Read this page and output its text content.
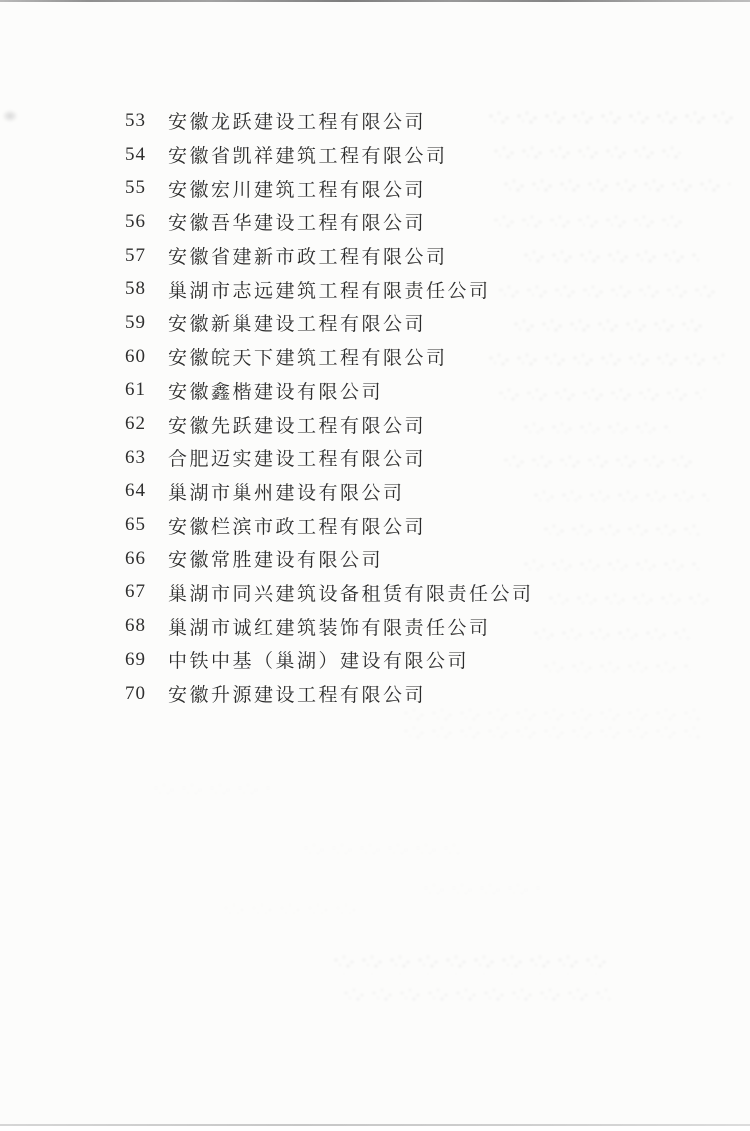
53	安徽龙跃建设工程有限公司
54	安徽省凯祥建筑工程有限公司
55	安徽宏川建筑工程有限公司
56	安徽吾华建设工程有限公司
57	安徽省建新市政工程有限公司
58	巢湖市志远建筑工程有限责任公司
59	安徽新巢建设工程有限公司
60	安徽皖天下建筑工程有限公司
61	安徽鑫楷建设有限公司
62	安徽先跃建设工程有限公司
63	合肥迈实建设工程有限公司
64	巢湖市巢州建设有限公司
65	安徽栏滨市政工程有限公司
66	安徽常胜建设有限公司
67	巢湖市同兴建筑设备租赁有限责任公司
68	巢湖市诚红建筑装饰有限责任公司
69	中铁中基（巢湖）建设有限公司
70	安徽升源建设工程有限公司
